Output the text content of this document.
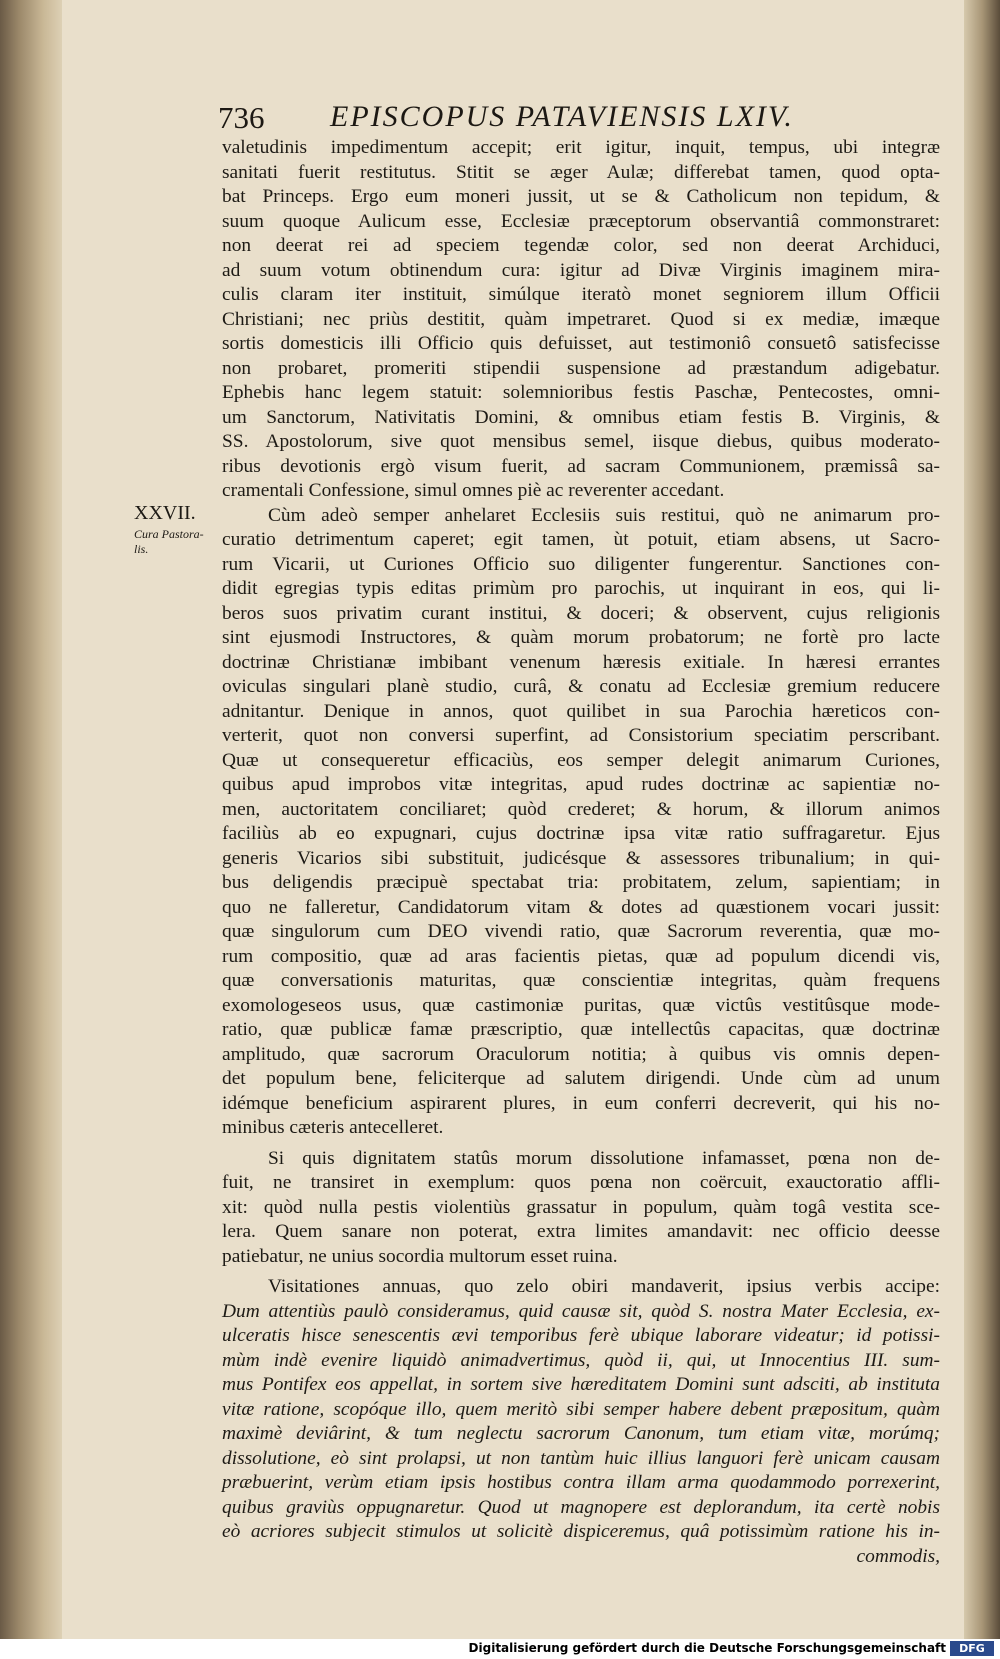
736 EPISCOPUS PATAVIENSIS LXIV.
XXVII.
Cura Pastora-lis.

valetudinis impedimentum accepit; erit igitur, inquit, tempus, ubi integræ

sanitati fuerit restitutus. Stitit se æger Aulæ; differebat tamen, quod opta-

bat Princeps. Ergo eum moneri jussit, ut se & Catholicum non tepidum, &

suum quoque Aulicum esse, Ecclesiæ præceptorum observantiâ commonstraret:

non deerat rei ad speciem tegendæ color, sed non deerat Archiduci,

ad suum votum obtinendum cura: igitur ad Divæ Virginis imaginem mira-

culis claram iter instituit, simúlque iteratò monet segniorem illum Officii

Christiani; nec priùs destitit, quàm impetraret. Quod si ex mediæ, imæque

sortis domesticis illi Officio quis defuisset, aut testimoniô consuetô satisfecisse

non probaret, promeriti stipendii suspensione ad præstandum adigebatur.

Ephebis hanc legem statuit: solemnioribus festis Paschæ, Pentecostes, omni-

um Sanctorum, Nativitatis Domini, & omnibus etiam festis B. Virginis, &

SS. Apostolorum, sive quot mensibus semel, iisque diebus, quibus moderato-

ribus devotionis ergò visum fuerit, ad sacram Communionem, præmissâ sa-

cramentali Confessione, simul omnes piè ac reverenter accedant.

Cùm adeò semper anhelaret Ecclesiis suis restitui, quò ne animarum pro-

curatio detrimentum caperet; egit tamen, ùt potuit, etiam absens, ut Sacro-

rum Vicarii, ut Curiones Officio suo diligenter fungerentur. Sanctiones con-

didit egregias typis editas primùm pro parochis, ut inquirant in eos, qui li-

beros suos privatim curant institui, & doceri; & observent, cujus religionis

sint ejusmodi Instructores, & quàm morum probatorum; ne fortè pro lacte

doctrinæ Christianæ imbibant venenum hæresis exitiale. In hæresi errantes

oviculas singulari planè studio, curâ, & conatu ad Ecclesiæ gremium reducere

adnitantur. Denique in annos, quot quilibet in sua Parochia hæreticos con-

verterit, quot non conversi superfint, ad Consistorium speciatim perscribant.

Quæ ut consequeretur efficaciùs, eos semper delegit animarum Curiones,

quibus apud improbos vitæ integritas, apud rudes doctrinæ ac sapientiæ no-

men, auctoritatem conciliaret; quòd crederet; & horum, & illorum animos

faciliùs ab eo expugnari, cujus doctrinæ ipsa vitæ ratio suffragaretur. Ejus

generis Vicarios sibi substituit, judicésque & assessores tribunalium; in qui-

bus deligendis præcipuè spectabat tria: probitatem, zelum, sapientiam; in

quo ne falleretur, Candidatorum vitam & dotes ad quæstionem vocari jussit:

quæ singulorum cum DEO vivendi ratio, quæ Sacrorum reverentia, quæ mo-

rum compositio, quæ ad aras facientis pietas, quæ ad populum dicendi vis,

quæ conversationis maturitas, quæ conscientiæ integritas, quàm frequens

exomologeseos usus, quæ castimoniæ puritas, quæ victûs vestitûsque mode-

ratio, quæ publicæ famæ præscriptio, quæ intellectûs capacitas, quæ doctrinæ

amplitudo, quæ sacrorum Oraculorum notitia; à quibus vis omnis depen-

det populum bene, feliciterque ad salutem dirigendi. Unde cùm ad unum

idémque beneficium aspirarent plures, in eum conferri decreverit, qui his no-

minibus cæteris antecelleret.

Si quis dignitatem statûs morum dissolutione infamasset, pœna non de-

fuit, ne transiret in exemplum: quos pœna non coërcuit, exauctoratio affli-

xit: quòd nulla pestis violentiùs grassatur in populum, quàm togâ vestita sce-

lera. Quem sanare non poterat, extra limites amandavit: nec officio deesse

patiebatur, ne unius socordia multorum esset ruina.

Visitationes annuas, quo zelo obiri mandaverit, ipsius verbis accipe:

Dum attentiùs paulò consideramus, quid causæ sit, quòd S. nostra Mater Ecclesia, ex-

ulceratis hisce senescentis ævi temporibus ferè ubique laborare videatur; id potissi-

mùm indè evenire liquidò animadvertimus, quòd ii, qui, ut Innocentius III. sum-

mus Pontifex eos appellat, in sortem sive hæreditatem Domini sunt adsciti, ab instituta

vitæ ratione, scopóque illo, quem meritò sibi semper habere debent præpositum, quàm

maximè deviârint, & tum neglectu sacrorum Canonum, tum etiam vitæ, morúmq;

dissolutione, eò sint prolapsi, ut non tantùm huic illius languori ferè unicam causam

præbuerint, verùm etiam ipsis hostibus contra illam arma quodammodo porrexerint,

quibus graviùs oppugnaretur. Quod ut magnopere est deplorandum, ita certè nobis

eò acriores subjecit stimulos ut solicitè dispiceremus, quâ potissimùm ratione his in-

commodis,

Digitalisierung gefördert durch die Deutsche Forschungsgemeinschaft	DFG
